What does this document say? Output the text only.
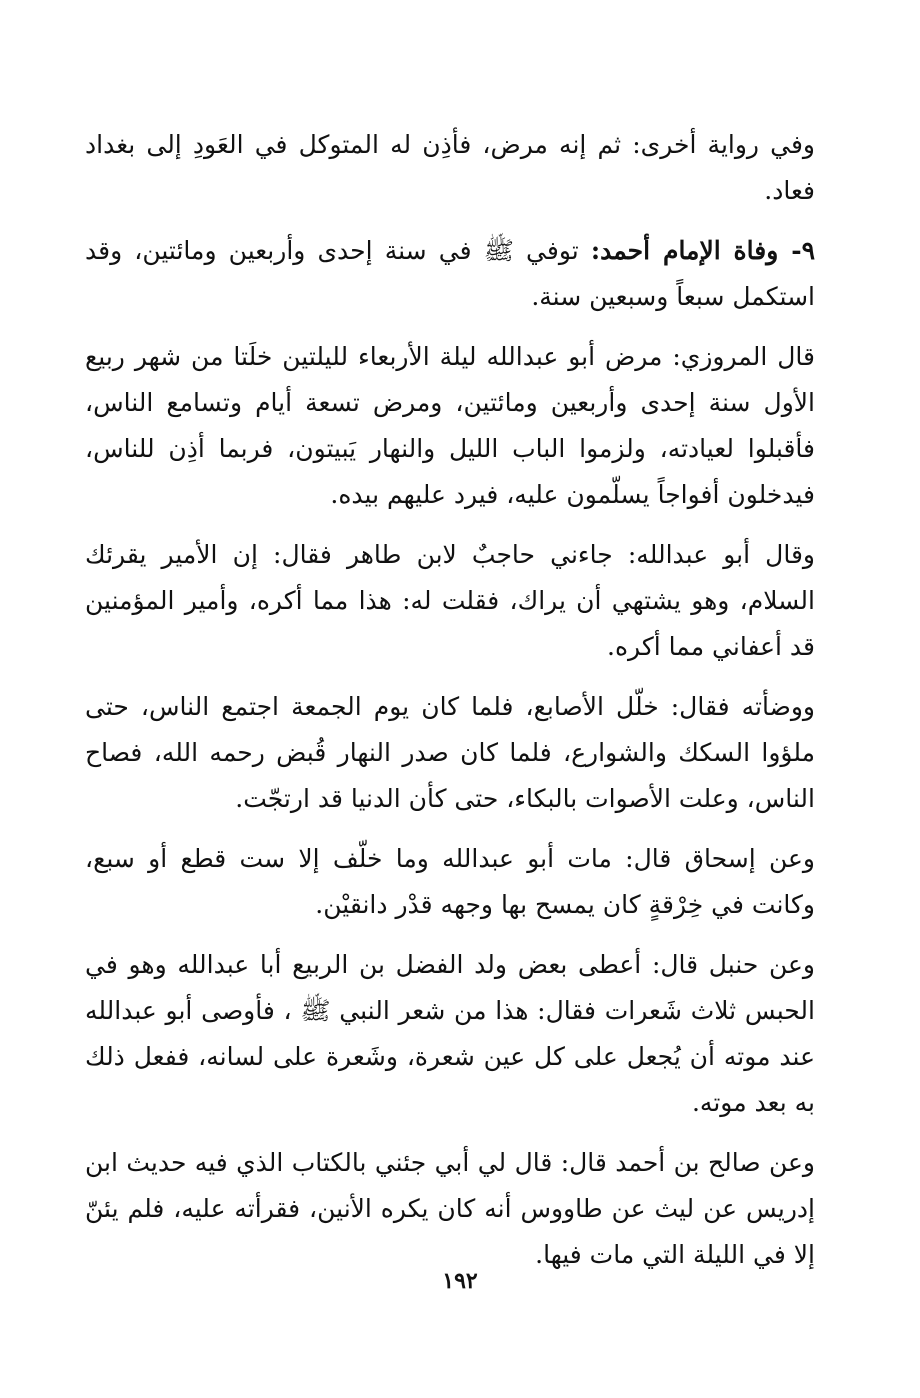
وفي رواية أخرى: ثم إنه مرض، فأذِن له المتوكل في العَودِ إلى بغداد فعاد.

٩- وفاة الإمام أحمد: توفي ﷺ في سنة إحدى وأربعين ومائتين، وقد استكمل سبعاً وسبعين سنة.

قال المروزي: مرض أبو عبدالله ليلة الأربعاء لليلتين خلَتا من شهر ربيع الأول سنة إحدى وأربعين ومائتين، ومرض تسعة أيام وتسامع الناس، فأقبلوا لعيادته، ولزموا الباب الليل والنهار يَبيتون، فربما أذِن للناس، فيدخلون أفواجاً يسلّمون عليه، فيرد عليهم بيده.

وقال أبو عبدالله: جاءني حاجبٌ لابن طاهر فقال: إن الأمير يقرئك السلام، وهو يشتهي أن يراك، فقلت له: هذا مما أكره، وأمير المؤمنين قد أعفاني مما أكره.

ووضأته فقال: خلّل الأصابع، فلما كان يوم الجمعة اجتمع الناس، حتى ملؤوا السكك والشوارع، فلما كان صدر النهار قُبض رحمه الله، فصاح الناس، وعلت الأصوات بالبكاء، حتى كأن الدنيا قد ارتجّت.

وعن إسحاق قال: مات أبو عبدالله وما خلّف إلا ست قطع أو سبع، وكانت في خِرْقةٍ كان يمسح بها وجهه قدْر دانقيْن.

وعن حنبل قال: أعطى بعض ولد الفضل بن الربيع أبا عبدالله وهو في الحبس ثلاث شَعرات فقال: هذا من شعر النبي ﷺ ، فأوصى أبو عبدالله عند موته أن يُجعل على كل عين شعرة، وشَعرة على لسانه، ففعل ذلك به بعد موته.

وعن صالح بن أحمد قال: قال لي أبي جئني بالكتاب الذي فيه حديث ابن إدريس عن ليث عن طاووس أنه كان يكره الأنين، فقرأته عليه، فلم يئنّ إلا في الليلة التي مات فيها.

١٩٢
